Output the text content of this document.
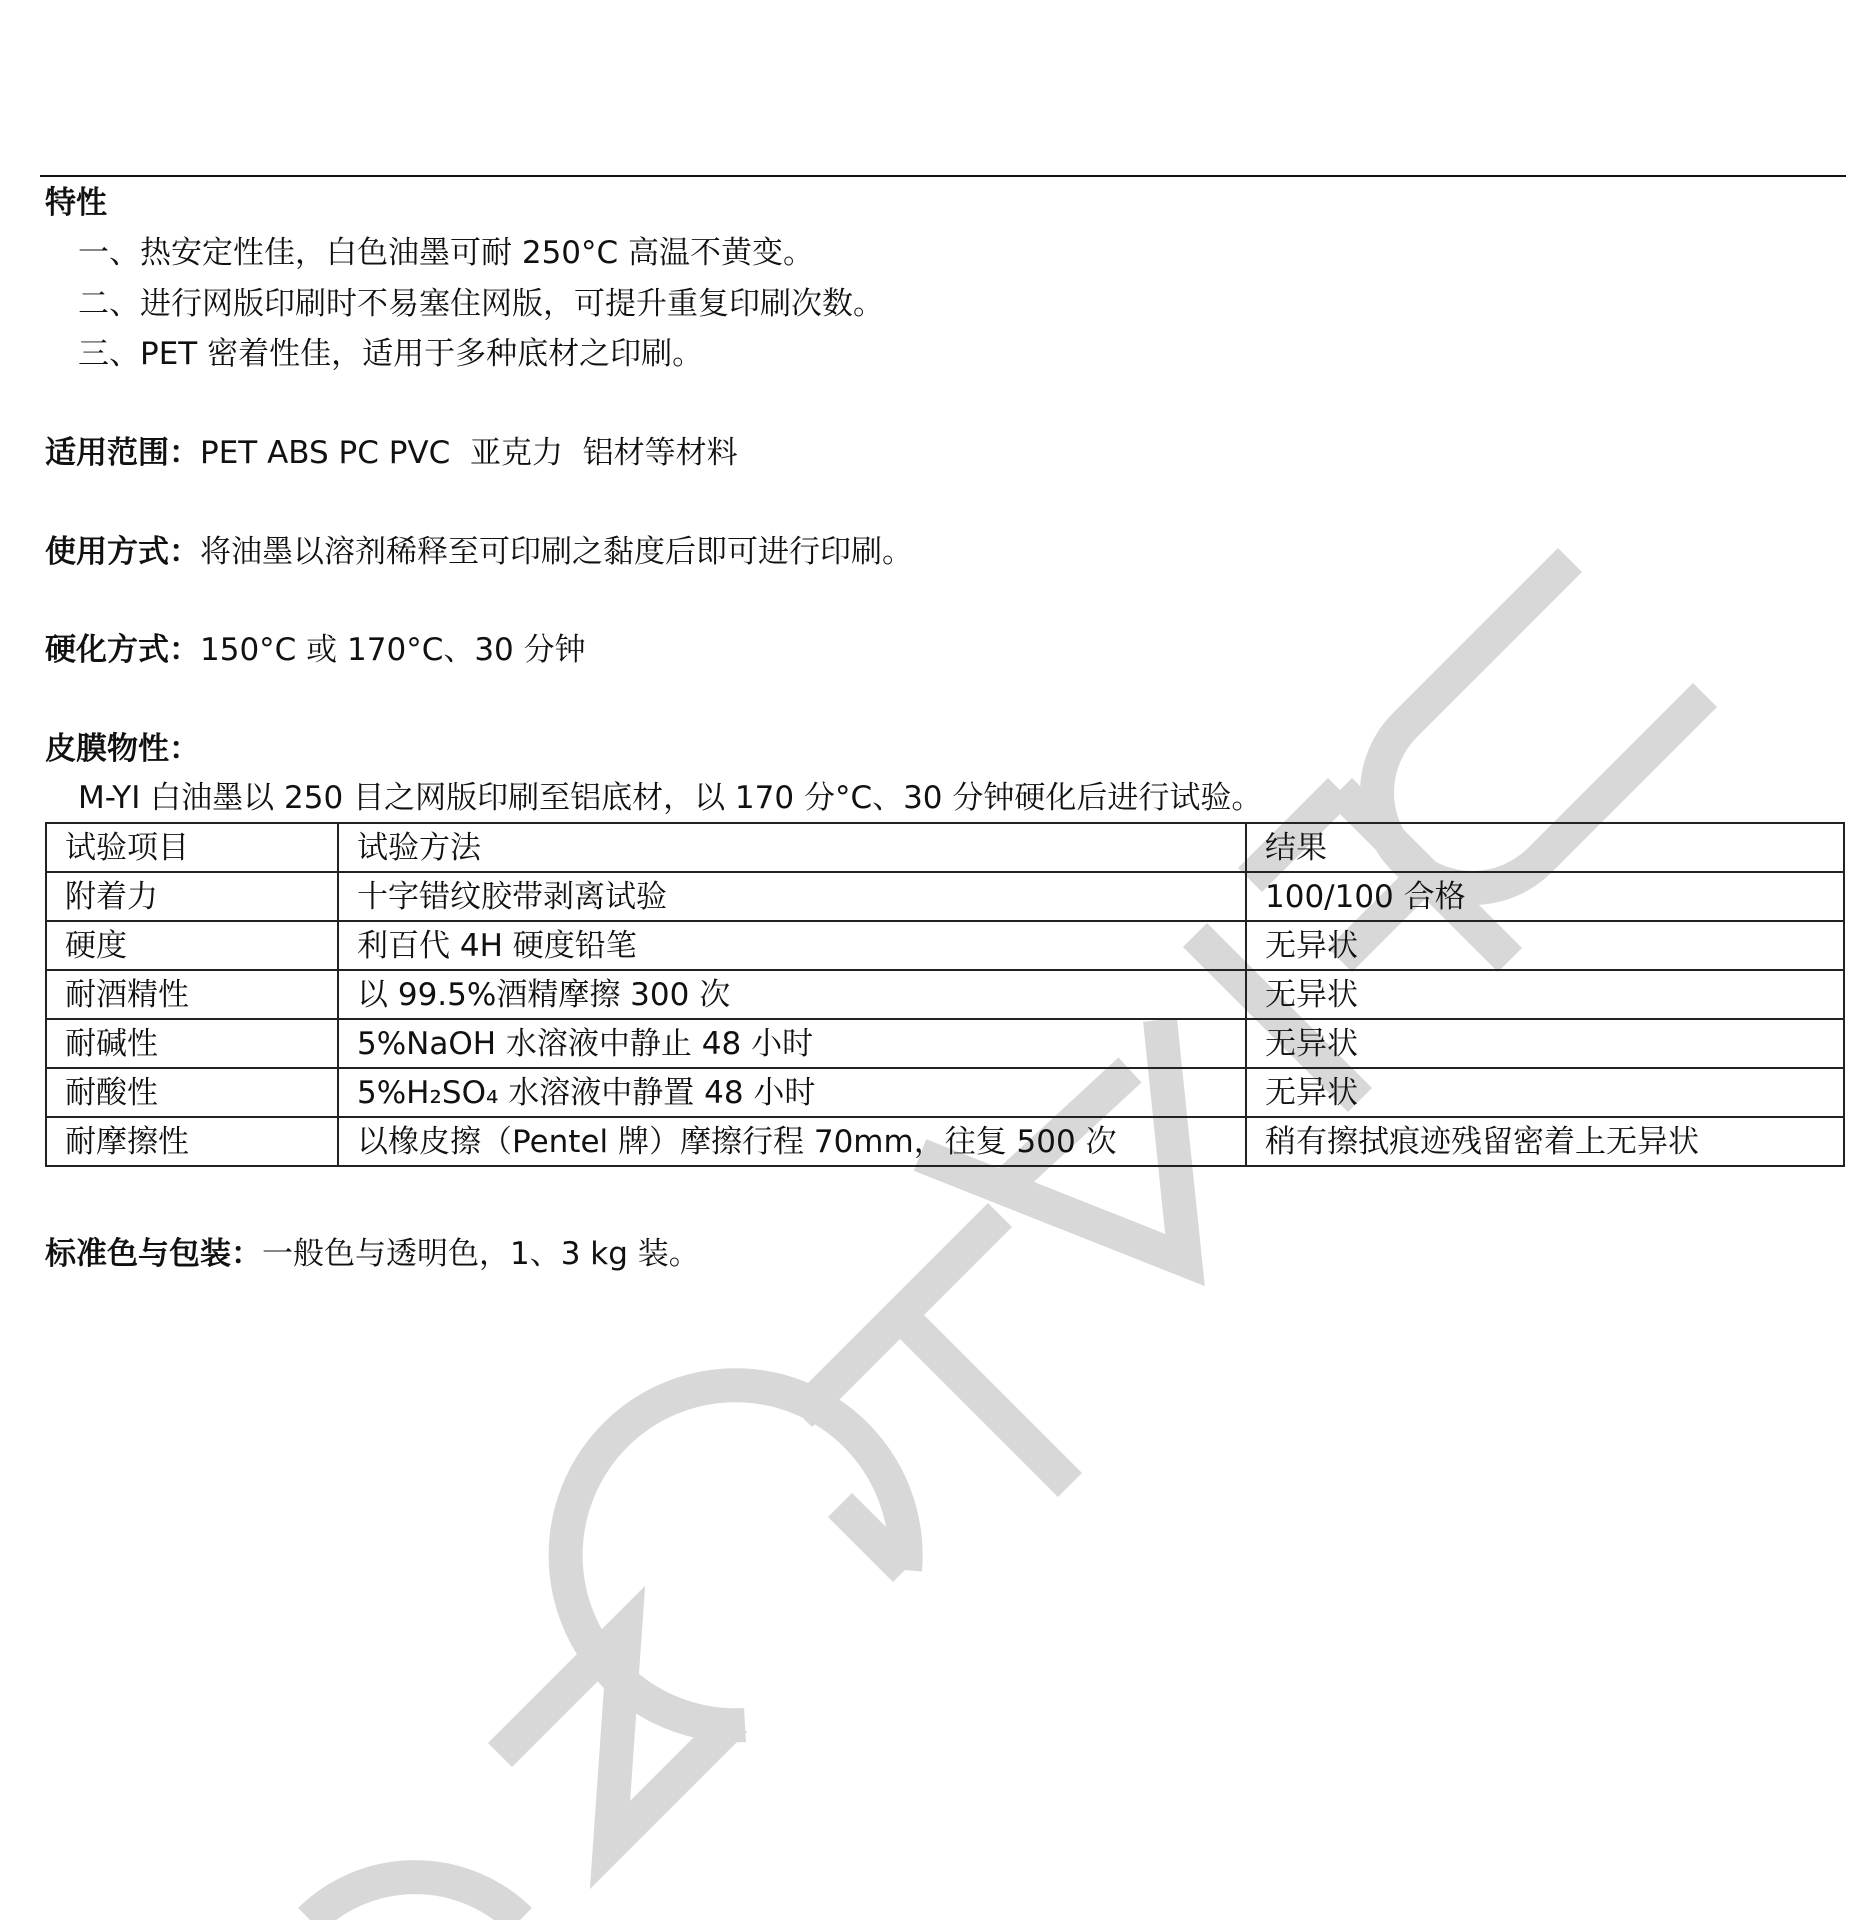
特性
一、热安定性佳，白色油墨可耐 250°C 高温不黄变。
二、进行网版印刷时不易塞住网版，可提升重复印刷次数。
三、PET 密着性佳，适用于多种底材之印刷。
适用范围：PET ABS PC PVC  亚克力  铝材等材料
使用方式：将油墨以溶剂稀释至可印刷之黏度后即可进行印刷。
硬化方式：150°C 或 170°C、30 分钟
皮膜物性：
M-YI 白油墨以 250 目之网版印刷至铝底材，以 170 分°C、30 分钟硬化后进行试验。
试验项目	试验方法	结果
附着力	十字错纹胶带剥离试验	100/100 合格
硬度	利百代 4H 硬度铅笔	无异状
耐酒精性	以 99.5%酒精摩擦 300 次	无异状
耐碱性	5%NaOH 水溶液中静止 48 小时	无异状
耐酸性	5%H₂SO₄ 水溶液中静置 48 小时	无异状
耐摩擦性	以橡皮擦（Pentel 牌）摩擦行程 70mm，往复 500 次	稍有擦拭痕迹残留密着上无异状
标准色与包装：一般色与透明色，1、3 kg 装。
